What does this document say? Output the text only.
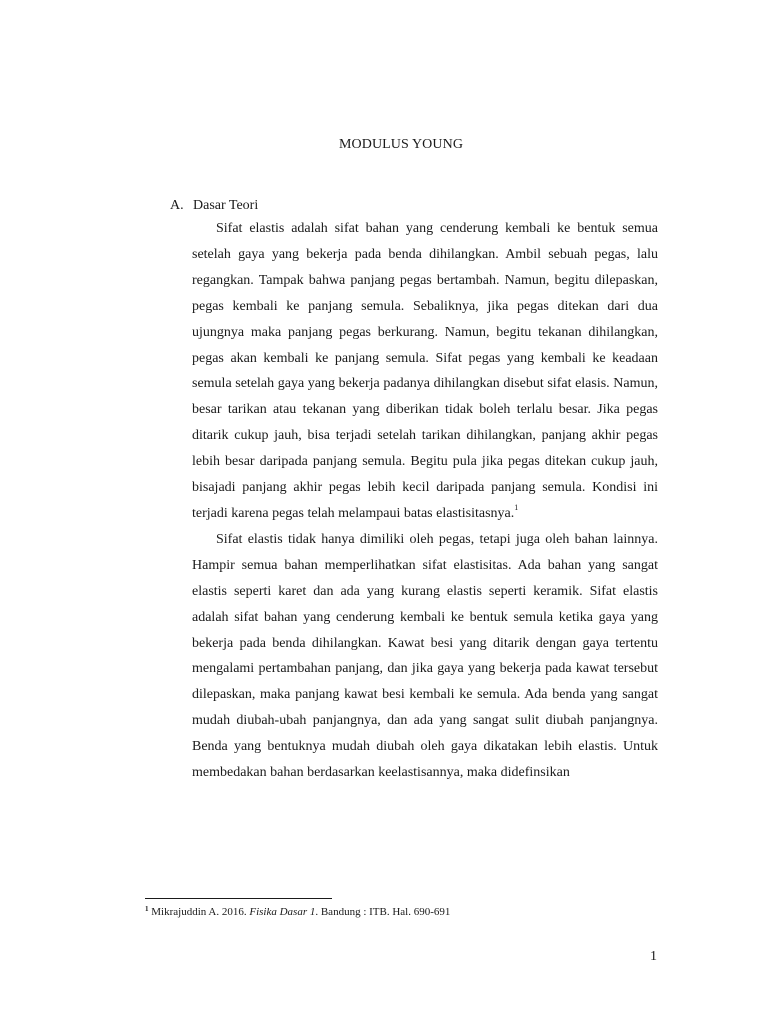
MODULUS YOUNG
A. Dasar Teori

Sifat elastis adalah sifat bahan yang cenderung kembali ke bentuk semua setelah gaya yang bekerja pada benda dihilangkan. Ambil sebuah pegas, lalu regangkan. Tampak bahwa panjang pegas bertambah. Namun, begitu dilepaskan, pegas kembali ke panjang semula. Sebaliknya, jika pegas ditekan dari dua ujungnya maka panjang pegas berkurang. Namun, begitu tekanan dihilangkan, pegas akan kembali ke panjang semula. Sifat pegas yang kembali ke keadaan semula setelah gaya yang bekerja padanya dihilangkan disebut sifat elasis. Namun, besar tarikan atau tekanan yang diberikan tidak boleh terlalu besar. Jika pegas ditarik cukup jauh, bisa terjadi setelah tarikan dihilangkan, panjang akhir pegas lebih besar daripada panjang semula. Begitu pula jika pegas ditekan cukup jauh, bisajadi panjang akhir pegas lebih kecil daripada panjang semula. Kondisi ini terjadi karena pegas telah melampaui batas elastisitasnya.$^1$

Sifat elastis tidak hanya dimiliki oleh pegas, tetapi juga oleh bahan lainnya. Hampir semua bahan memperlihatkan sifat elastisitas. Ada bahan yang sangat elastis seperti karet dan ada yang kurang elastis seperti keramik. Sifat elastis adalah sifat bahan yang cenderung kembali ke bentuk semula ketika gaya yang bekerja pada benda dihilangkan. Kawat besi yang ditarik dengan gaya tertentu mengalami pertambahan panjang, dan jika gaya yang bekerja pada kawat tersebut dilepaskan, maka panjang kawat besi kembali ke semula. Ada benda yang sangat mudah diubah-ubah panjangnya, dan ada yang sangat sulit diubah panjangnya. Benda yang bentuknya mudah diubah oleh gaya dikatakan lebih elastis. Untuk membedakan bahan berdasarkan keelastisannya, maka didefinsikan

$^1$ Mikrajuddin A. 2016. Fisika Dasar 1. Bandung : ITB. Hal. 690-691
1
